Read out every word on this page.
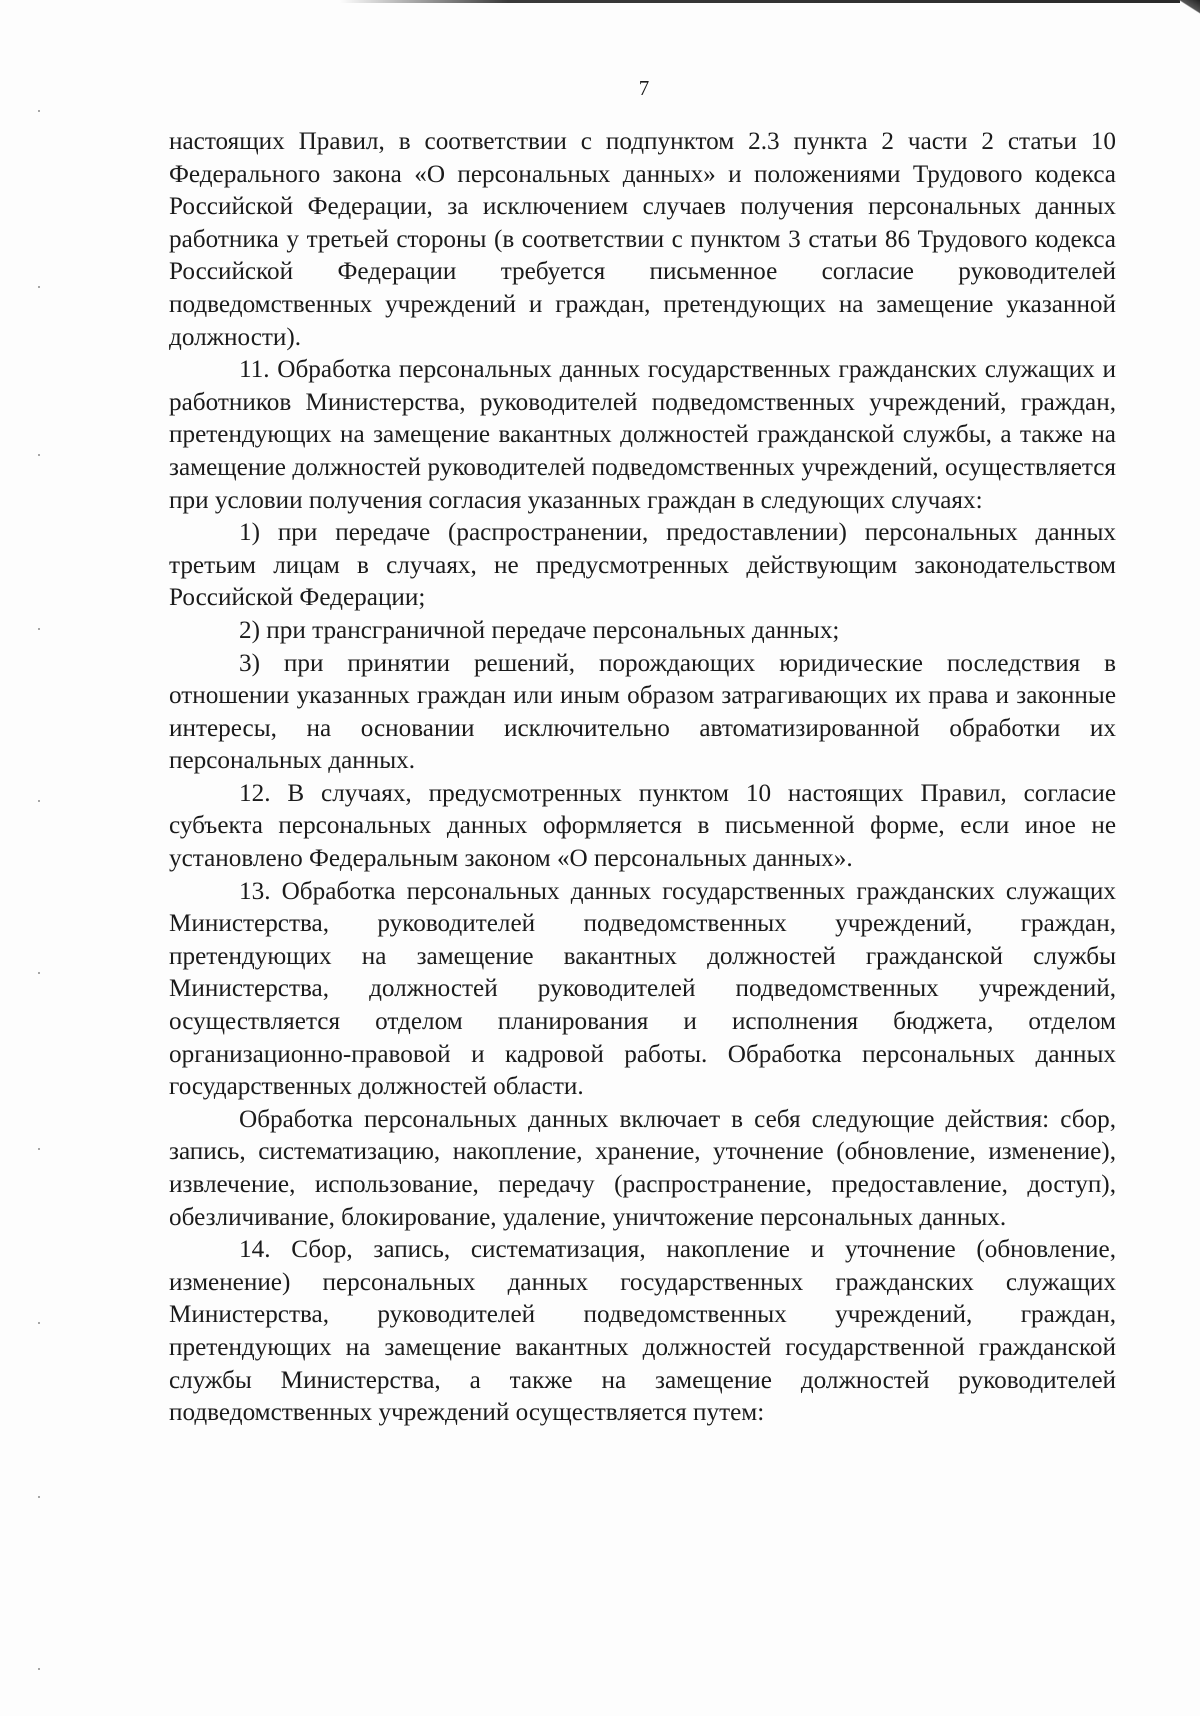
7

настоящих Правил, в соответствии с подпунктом 2.3 пункта 2 части 2 статьи 10 Федерального закона «О персональных данных» и положениями Трудового кодекса Российской Федерации, за исключением случаев получения персональных данных работника у третьей стороны (в соответствии с пунктом 3 статьи 86 Трудового кодекса Российской Федерации требуется письменное согласие руководителей подведомственных учреждений и граждан, претендующих на замещение указанной должности).

11. Обработка персональных данных государственных гражданских служащих и работников Министерства, руководителей подведомственных учреждений, граждан, претендующих на замещение вакантных должностей гражданской службы, а также на замещение должностей руководителей подведомственных учреждений, осуществляется при условии получения согласия указанных граждан в следующих случаях:

1) при передаче (распространении, предоставлении) персональных данных третьим лицам в случаях, не предусмотренных действующим законодательством Российской Федерации;

2) при трансграничной передаче персональных данных;

3) при принятии решений, порождающих юридические последствия в отношении указанных граждан или иным образом затрагивающих их права и законные интересы, на основании исключительно автоматизированной обработки их персональных данных.

12. В случаях, предусмотренных пунктом 10 настоящих Правил, согласие субъекта персональных данных оформляется в письменной форме, если иное не установлено Федеральным законом «О персональных данных».

13. Обработка персональных данных государственных гражданских служащих Министерства, руководителей подведомственных учреждений, граждан, претендующих на замещение вакантных должностей гражданской службы Министерства, должностей руководителей подведомственных учреждений, осуществляется отделом планирования и исполнения бюджета, отделом организационно-правовой и кадровой работы. Обработка персональных данных государственных должностей области.

Обработка персональных данных включает в себя следующие действия: сбор, запись, систематизацию, накопление, хранение, уточнение (обновление, изменение), извлечение, использование, передачу (распространение, предоставление, доступ), обезличивание, блокирование, удаление, уничтожение персональных данных.

14. Сбор, запись, систематизация, накопление и уточнение (обновление, изменение) персональных данных государственных гражданских служащих Министерства, руководителей подведомственных учреждений, граждан, претендующих на замещение вакантных должностей государственной гражданской службы Министерства, а также на замещение должностей руководителей подведомственных учреждений осуществляется путем:
